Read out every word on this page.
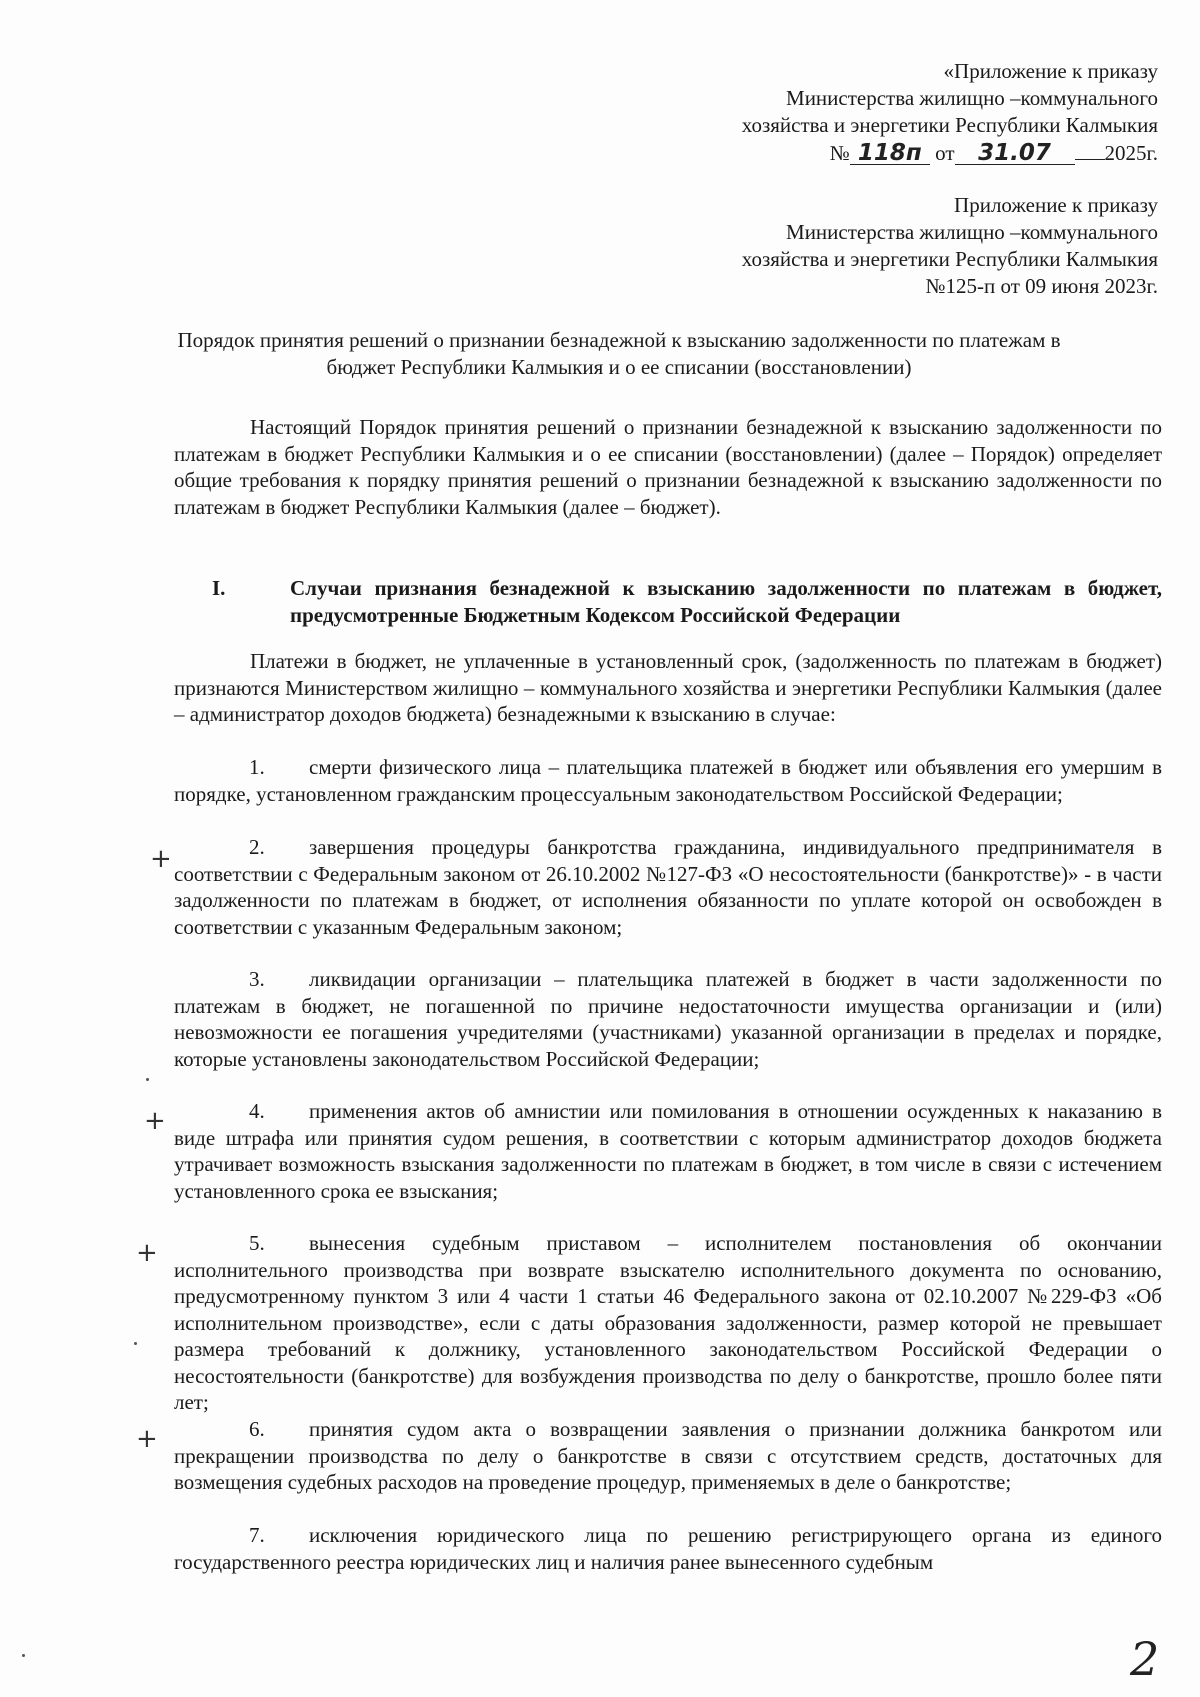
«Приложение к приказу
Министерства жилищно –коммунального
хозяйства и энергетики Республики Калмыкия
№ 118п от 31.07	2025г.
Приложение к приказу
Министерства жилищно –коммунального
хозяйства и энергетики Республики Калмыкия
№125-п от 09 июня 2023г.
Порядок принятия решений о признании безнадежной к взысканию задолженности по платежам в бюджет Республики Калмыкия и о ее списании (восстановлении)
Настоящий Порядок принятия решений о признании безнадежной к взысканию задолженности по платежам в бюджет Республики Калмыкия и о ее списании (восстановлении) (далее – Порядок) определяет общие требования к порядку принятия решений о признании безнадежной к взысканию задолженности по платежам в бюджет Республики Калмыкия (далее – бюджет).
I.	Случаи признания безнадежной к взысканию задолженности по платежам в бюджет, предусмотренные Бюджетным Кодексом Российской Федерации
Платежи в бюджет, не уплаченные в установленный срок, (задолженность по платежам в бюджет) признаются Министерством жилищно – коммунального хозяйства и энергетики Республики Калмыкия (далее – администратор доходов бюджета) безнадежными к взысканию в случае:
1. смерти физического лица – плательщика платежей в бюджет или объявления его умершим в порядке, установленном гражданским процессуальным законодательством Российской Федерации;
2. завершения процедуры банкротства гражданина, индивидуального предпринимателя в соответствии с Федеральным законом от 26.10.2002 №127-ФЗ «О несостоятельности (банкротстве)» - в части задолженности по платежам в бюджет, от исполнения обязанности по уплате которой он освобожден в соответствии с указанным Федеральным законом;
3. ликвидации организации – плательщика платежей в бюджет в части задолженности по платежам в бюджет, не погашенной по причине недостаточности имущества организации и (или) невозможности ее погашения учредителями (участниками) указанной организации в пределах и порядке, которые установлены законодательством Российской Федерации;
4. применения актов об амнистии или помилования в отношении осужденных к наказанию в виде штрафа или принятия судом решения, в соответствии с которым администратор доходов бюджета утрачивает возможность взыскания задолженности по платежам в бюджет, в том числе в связи с истечением установленного срока ее взыскания;
5. вынесения судебным приставом – исполнителем постановления об окончании исполнительного производства при возврате взыскателю исполнительного документа по основанию, предусмотренному пунктом 3 или 4 части 1 статьи 46 Федерального закона от 02.10.2007 №229-ФЗ «Об исполнительном производстве», если с даты образования задолженности, размер которой не превышает размера требований к должнику, установленного законодательством Российской Федерации о несостоятельности (банкротстве) для возбуждения производства по делу о банкротстве, прошло более пяти лет;
6. принятия судом акта о возвращении заявления о признании должника банкротом или прекращении производства по делу о банкротстве в связи с отсутствием средств, достаточных для возмещения судебных расходов на проведение процедур, применяемых в деле о банкротстве;
7. исключения юридического лица по решению регистрирующего органа из единого государственного реестра юридических лиц и наличия ранее вынесенного судебным
+
+
+
+
2
